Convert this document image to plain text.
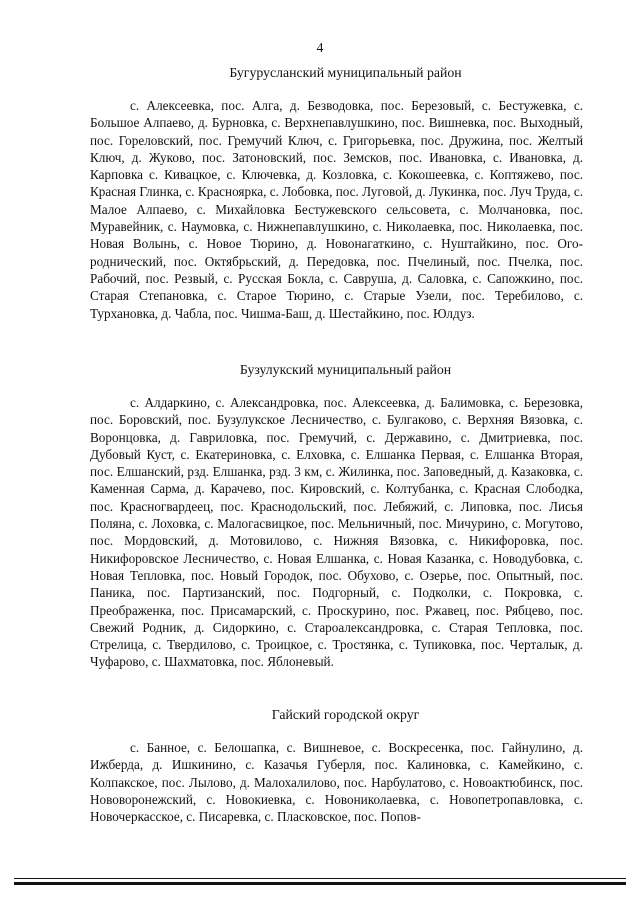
4
Бугурусланский муниципальный район

с. Алексеевка, пос. Алга, д. Безводовка, пос. Березовый, с. Бестужевка, с. Большое Алпаево, д. Бурновка, с. Верхнепавлушкино, пос. Вишневка, пос. Выходный, пос. Гореловский, пос. Гремучий Ключ, с. Григорьевка, пос. Дружина, пос. Желтый Ключ, д. Жуково, пос. Затоновский, пос. Земсков, пос. Ивановка, с. Ивановка, д. Карповка с. Кивацкое, с. Ключевка, д. Козловка, с. Кокошеевка, с. Коптяжево, пос. Красная Глинка, с. Красноярка, с. Лобовка, пос. Луговой, д. Лукинка, пос. Луч Труда, с. Малое Алпаево, с. Михайловка Бестужевского сельсовета, с. Молчановка, пос. Муравейник, с. Наумовка, с. Нижнепавлушкино, с. Николаевка, пос. Николаевка, пос. Новая Волынь, с. Новое Тюрино, д. Новонагаткино, с. Нуштайкино, пос. Огороднический, пос. Октябрьский, д. Передовка, пос. Пчелиный, пос. Пчелка, пос. Рабочий, пос. Резвый, с. Русская Бокла, с. Савруша, д. Саловка, с. Сапожкино, пос. Старая Степановка, с. Старое Тюрино, с. Старые Узели, пос. Теребилово, с. Турхановка, д. Чабла, пос. Чишма-Баш, д. Шестайкино, пос. Юлдуз.

Бузулукский муниципальный район

с. Алдаркино, с. Александровка, пос. Алексеевка, д. Балимовка, с. Березовка, пос. Боровский, пос. Бузулукское Лесничество, с. Булгаково, с. Верхняя Вязовка, с. Воронцовка, д. Гавриловка, пос. Гремучий, с. Державино, с. Дмитриевка, пос. Дубовый Куст, с. Екатериновка, с. Елховка, с. Елшанка Первая, с. Елшанка Вторая, пос. Елшанский, рзд. Елшанка, рзд. 3 км, с. Жилинка, пос. Заповедный, д. Казаковка, с. Каменная Сарма, д. Карачево, пос. Кировский, с. Колтубанка, с. Красная Слободка, пос. Красногвардеец, пос. Краснодольский, пос. Лебяжий, с. Липовка, пос. Лисья Поляна, с. Лоховка, с. Малогасвицкое, пос. Мельничный, пос. Мичурино, с. Могутово, пос. Мордовский, д. Мотовилово, с. Нижняя Вязовка, с. Никифоровка, пос. Никифоровское Лесничество, с. Новая Елшанка, с. Новая Казанка, с. Новодубовка, с. Новая Тепловка, пос. Новый Городок, пос. Обухово, с. Озерье, пос. Опытный, пос. Паника, пос. Партизанский, пос. Подгорный, с. Подколки, с. Покровка, с. Преображенка, пос. Присамарский, с. Проскурино, пос. Ржавец, пос. Рябцево, пос. Свежий Родник, д. Сидоркино, с. Староалександровка, с. Старая Тепловка, пос. Стрелица, с. Твердилово, с. Троицкое, с. Тростянка, с. Тупиковка, пос. Черталык, д. Чуфарово, с. Шахматовка, пос. Яблоневый.

Гайский городской округ

с. Банное, с. Белошапка, с. Вишневое, с. Воскресенка, пос. Гайнулино, д. Ижберда, д. Ишкинино, с. Казачья Губерля, пос. Калиновка, с. Камейкино, с. Колпакское, пос. Лылово, д. Малохалилово, пос. Нарбулатово, с. Новоактюбинск, пос. Нововоронежский, с. Новокиевка, с. Новониколаевка, с. Новопетропавловка, с. Новочеркасское, с. Писаревка, с. Пласковское, пос. Попов-
